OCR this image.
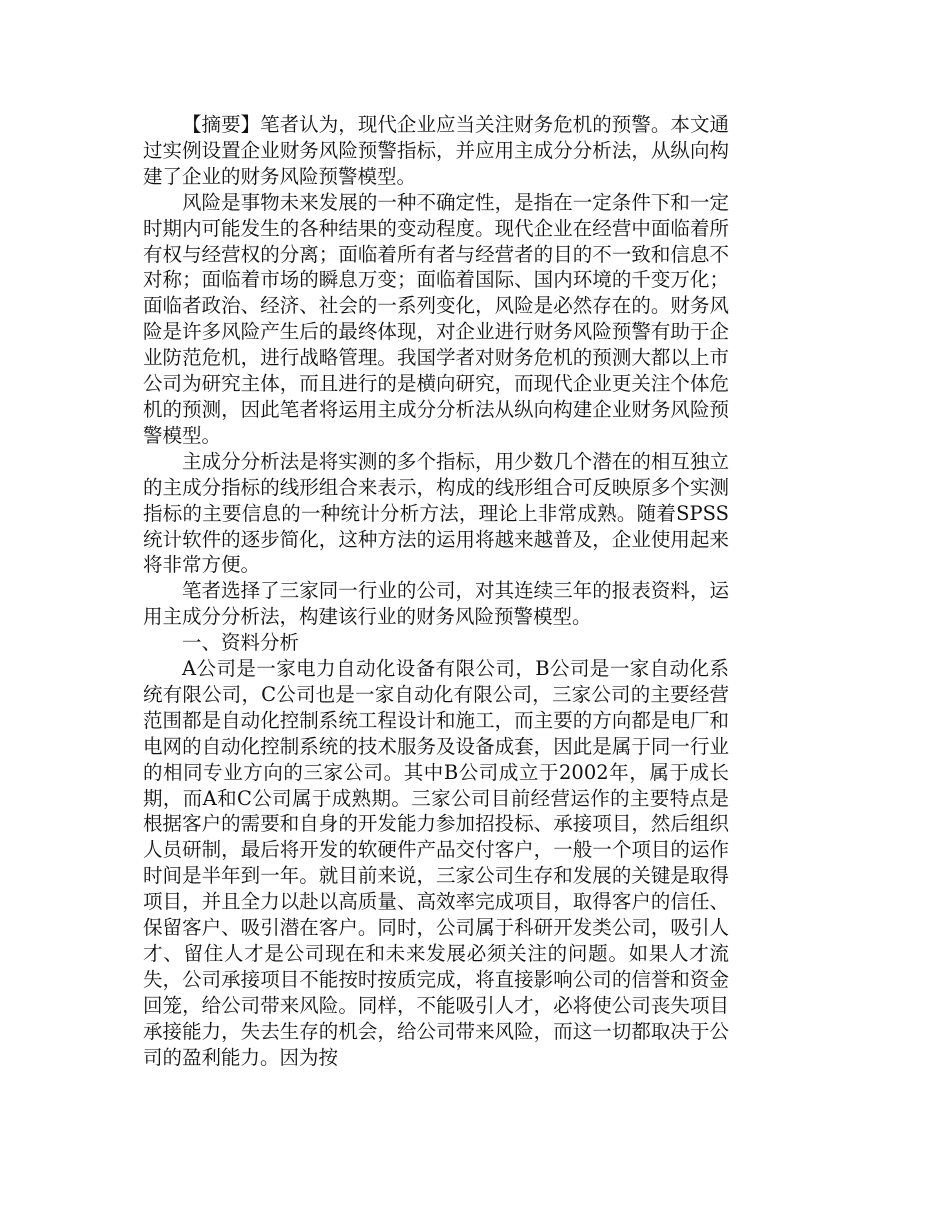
【摘要】笔者认为，现代企业应当关注财务危机的预警。本文通过实例设置企业财务风险预警指标，并应用主成分分析法，从纵向构建了企业的财务风险预警模型。

风险是事物未来发展的一种不确定性，是指在一定条件下和一定时期内可能发生的各种结果的变动程度。现代企业在经营中面临着所有权与经营权的分离；面临着所有者与经营者的目的不一致和信息不对称；面临着市场的瞬息万变；面临着国际、国内环境的千变万化；面临者政治、经济、社会的一系列变化，风险是必然存在的。财务风险是许多风险产生后的最终体现，对企业进行财务风险预警有助于企业防范危机，进行战略管理。我国学者对财务危机的预测大都以上市公司为研究主体，而且进行的是横向研究，而现代企业更关注个体危机的预测，因此笔者将运用主成分分析法从纵向构建企业财务风险预警模型。

主成分分析法是将实测的多个指标，用少数几个潜在的相互独立的主成分指标的线形组合来表示，构成的线形组合可反映原多个实测指标的主要信息的一种统计分析方法，理论上非常成熟。随着SPSS统计软件的逐步简化，这种方法的运用将越来越普及，企业使用起来将非常方便。

笔者选择了三家同一行业的公司，对其连续三年的报表资料，运用主成分分析法，构建该行业的财务风险预警模型。

一、资料分析

A公司是一家电力自动化设备有限公司，B公司是一家自动化系统有限公司，C公司也是一家自动化有限公司，三家公司的主要经营范围都是自动化控制系统工程设计和施工，而主要的方向都是电厂和电网的自动化控制系统的技术服务及设备成套，因此是属于同一行业的相同专业方向的三家公司。其中B公司成立于2002年，属于成长期，而A和C公司属于成熟期。三家公司目前经营运作的主要特点是根据客户的需要和自身的开发能力参加招投标、承接项目，然后组织人员研制，最后将开发的软硬件产品交付客户，一般一个项目的运作时间是半年到一年。就目前来说，三家公司生存和发展的关键是取得项目，并且全力以赴以高质量、高效率完成项目，取得客户的信任、保留客户、吸引潜在客户。同时，公司属于科研开发类公司，吸引人才、留住人才是公司现在和未来发展必须关注的问题。如果人才流失，公司承接项目不能按时按质完成，将直接影响公司的信誉和资金回笼，给公司带来风险。同样，不能吸引人才，必将使公司丧失项目承接能力，失去生存的机会，给公司带来风险，而这一切都取决于公司的盈利能力。因为按
